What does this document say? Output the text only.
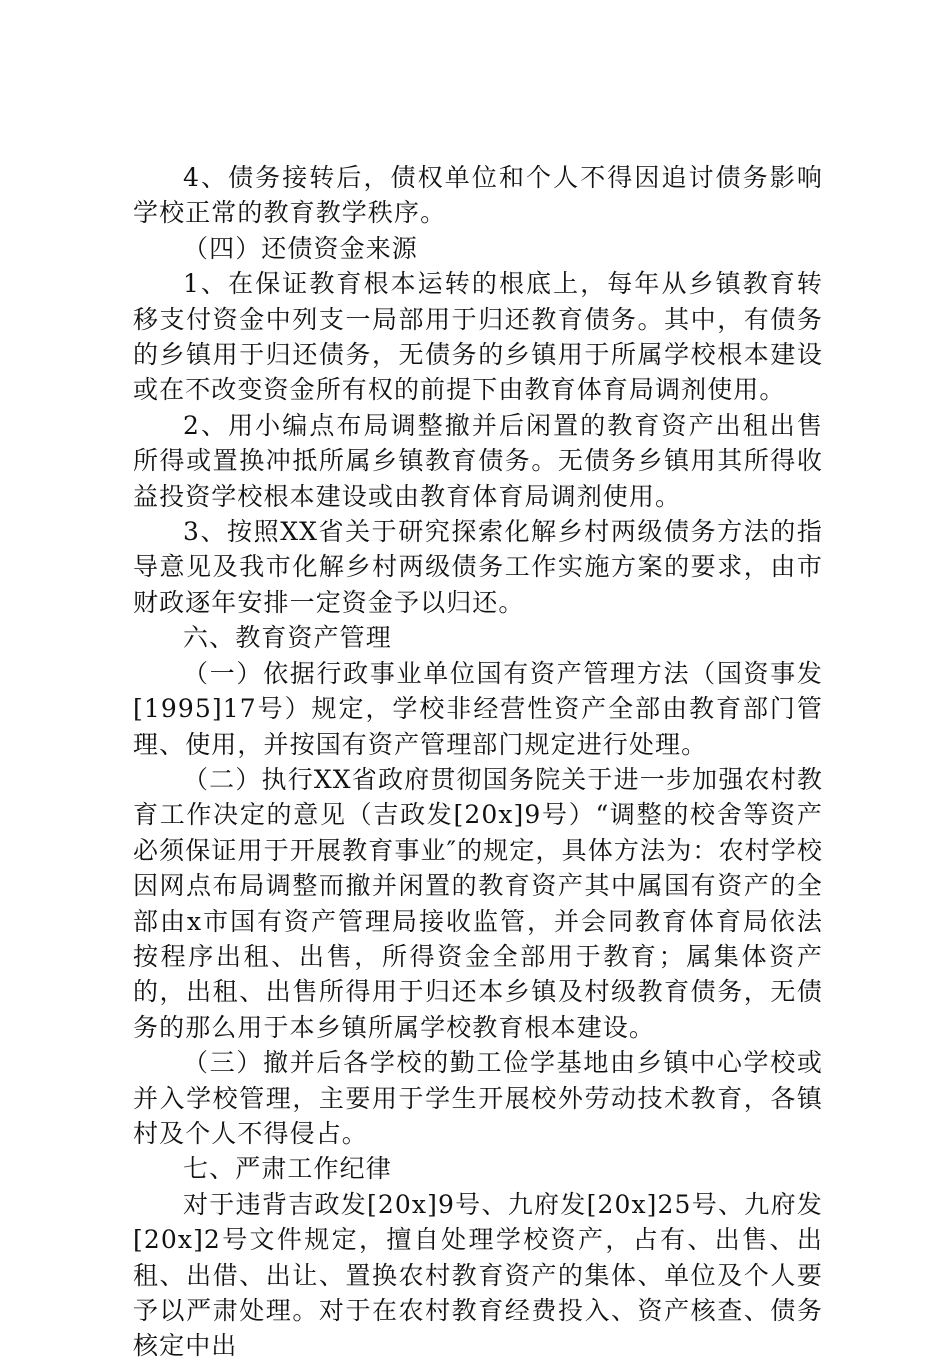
4、债务接转后，债权单位和个人不得因追讨债务影响学校正常的教育教学秩序。

（四）还债资金来源

1、在保证教育根本运转的根底上，每年从乡镇教育转移支付资金中列支一局部用于归还教育债务。其中，有债务的乡镇用于归还债务，无债务的乡镇用于所属学校根本建设或在不改变资金所有权的前提下由教育体育局调剂使用。

2、用小编点布局调整撤并后闲置的教育资产出租出售所得或置换冲抵所属乡镇教育债务。无债务乡镇用其所得收益投资学校根本建设或由教育体育局调剂使用。

3、按照XX省关于研究探索化解乡村两级债务方法的指导意见及我市化解乡村两级债务工作实施方案的要求，由市财政逐年安排一定资金予以归还。

六、教育资产管理

（一）依据行政事业单位国有资产管理方法（国资事发[1995]17号）规定，学校非经营性资产全部由教育部门管理、使用，并按国有资产管理部门规定进行处理。

（二）执行XX省政府贯彻国务院关于进一步加强农村教育工作决定的意见（吉政发[20x]9号）“调整的校舍等资产必须保证用于开展教育事业″的规定，具体方法为：农村学校因网点布局调整而撤并闲置的教育资产其中属国有资产的全部由x市国有资产管理局接收监管，并会同教育体育局依法按程序出租、出售，所得资金全部用于教育；属集体资产的，出租、出售所得用于归还本乡镇及村级教育债务，无债务的那么用于本乡镇所属学校教育根本建设。

（三）撤并后各学校的勤工俭学基地由乡镇中心学校或并入学校管理，主要用于学生开展校外劳动技术教育，各镇村及个人不得侵占。

七、严肃工作纪律

对于违背吉政发[20x]9号、九府发[20x]25号、九府发[20x]2号文件规定，擅自处理学校资产，占有、出售、出租、出借、出让、置换农村教育资产的集体、单位及个人要予以严肃处理。对于在农村教育经费投入、资产核查、债务核定中出
